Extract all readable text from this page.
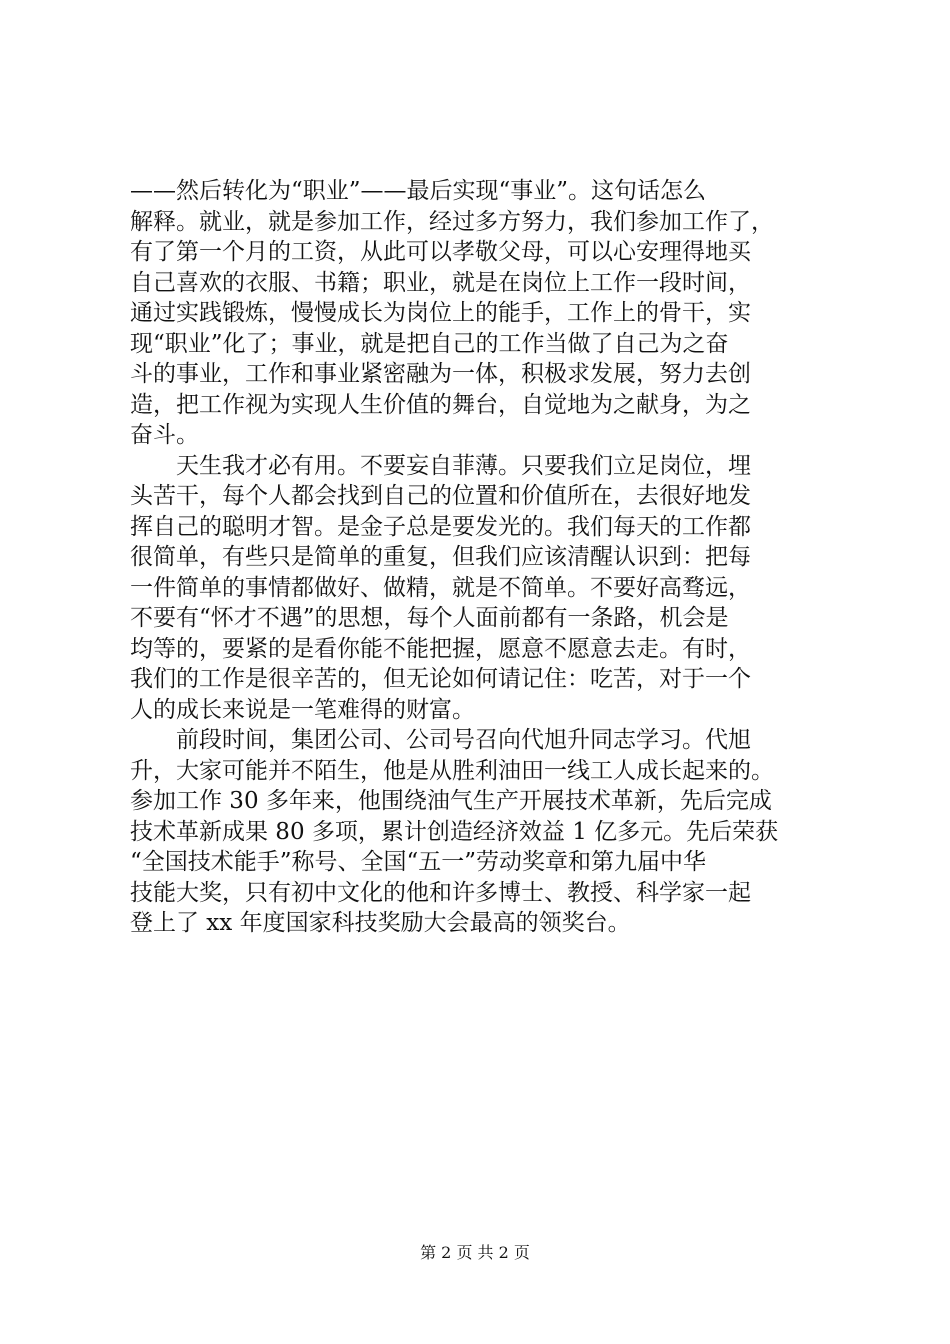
——然后转化为“职业”——最后实现“事业”。这句话怎么
解释。就业，就是参加工作，经过多方努力，我们参加工作了，
有了第一个月的工资，从此可以孝敬父母，可以心安理得地买
自己喜欢的衣服、书籍；职业，就是在岗位上工作一段时间，
通过实践锻炼，慢慢成长为岗位上的能手，工作上的骨干，实
现“职业”化了；事业，就是把自己的工作当做了自己为之奋
斗的事业，工作和事业紧密融为一体，积极求发展，努力去创
造，把工作视为实现人生价值的舞台，自觉地为之献身，为之
奋斗。
　　天生我才必有用。不要妄自菲薄。只要我们立足岗位，埋
头苦干，每个人都会找到自己的位置和价值所在，去很好地发
挥自己的聪明才智。是金子总是要发光的。我们每天的工作都
很简单，有些只是简单的重复，但我们应该清醒认识到：把每
一件简单的事情都做好、做精，就是不简单。不要好高骛远，
不要有“怀才不遇”的思想，每个人面前都有一条路，机会是
均等的，要紧的是看你能不能把握，愿意不愿意去走。有时，
我们的工作是很辛苦的，但无论如何请记住：吃苦，对于一个
人的成长来说是一笔难得的财富。
　　前段时间，集团公司、公司号召向代旭升同志学习。代旭
升，大家可能并不陌生，他是从胜利油田一线工人成长起来的。
参加工作 30 多年来，他围绕油气生产开展技术革新，先后完成
技术革新成果 80 多项，累计创造经济效益 1 亿多元。先后荣获
“全国技术能手”称号、全国“五一”劳动奖章和第九届中华
技能大奖，只有初中文化的他和许多博士、教授、科学家一起
登上了 xx 年度国家科技奖励大会最高的领奖台。
第 2 页 共 2 页
